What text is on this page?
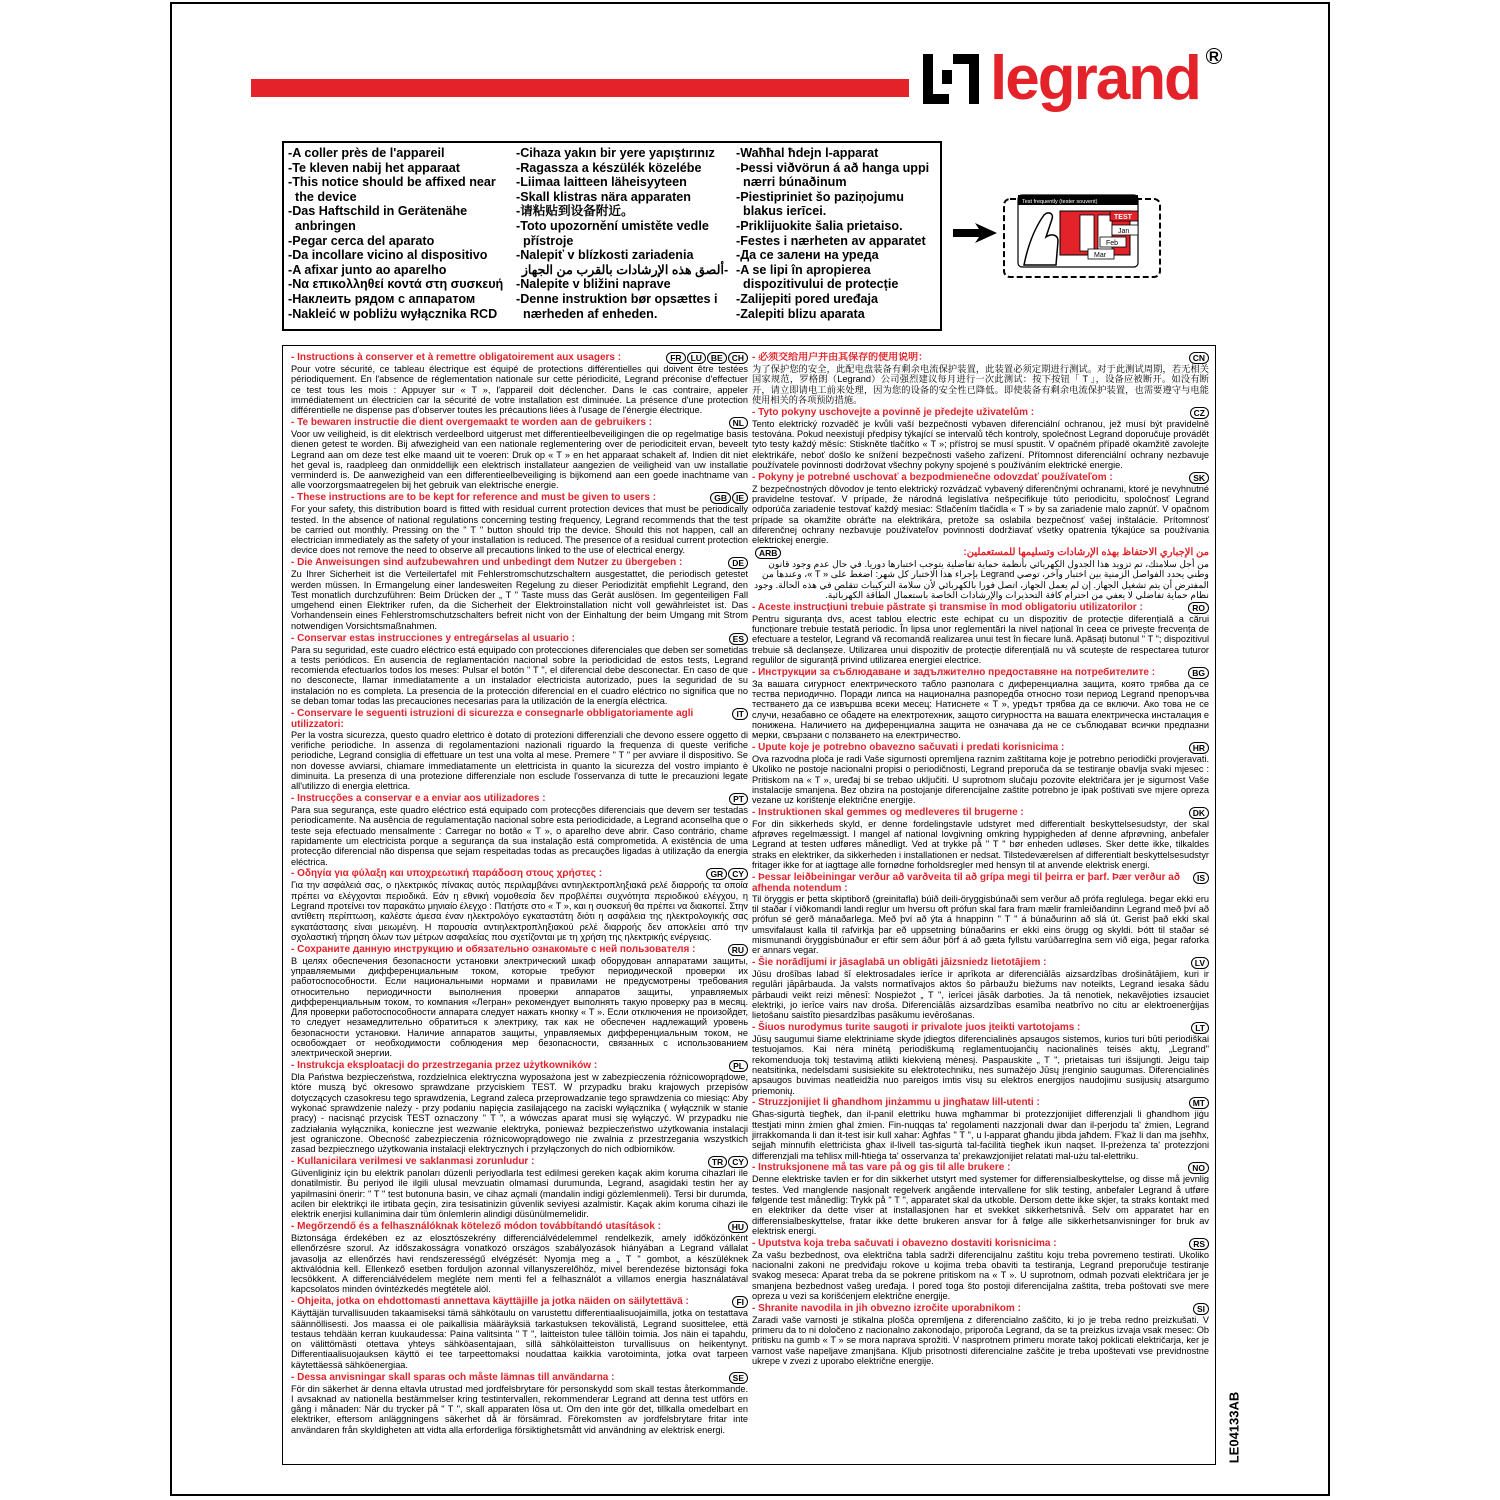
legrand R
-A coller près de l'appareil
-Te kleven nabij het apparaat
-This notice should be affixed near
the device
-Das Haftschild in Gerätenähe
anbringen
-Pegar cerca del aparato
-Da incollare vicino al dispositivo
-A afixar junto ao aparelho
-Να επικολληθεί κοντά στη συσκευή
-Наклеить рядом с аппаратом
-Nakleić w pobliżu wyłącznika RCD
-Cihaza yakın bir yere yapıştırınız
-Ragassza a készülék közelébe
-Liimaa laitteen läheisyyteen
-Skall klistras nära apparaten
-请粘贴到设备附近。
-Toto upozornění umistěte vedle
přístroje
-Nalepiť v blízkosti zariadenia
-ألصق هذه الإرشادات بالقرب من الجهاز
-Nalepite v bližini naprave
-Denne instruktion bør opsættes i
nærheden af enheden.
-Waħħal ħdejn l-apparat
-Þessi viðvörun á að hanga uppi
nærri búnaðinum
-Piestipriniet šo paziņojumu
blakus ierīcei.
-Priklijuokite šalia prietaiso.
-Festes i nærheten av apparatet
-Да се залени на уреда
-A se lipi în apropierea
dispozitivului de protecție
-Zalijepiti pored uređaja
-Zalepiti blizu aparata
Test frequently (tester souvent)
TEST
Jan
Feb
Mar
- Instructions à conserver et à remettre obligatoirement aux usagers :	FR	LU	BE	CH
Pour votre sécurité, ce tableau électrique est équipé de protections différentielles qui doivent être testées périodiquement. En l'absence de réglementation nationale sur cette périodicité, Legrand préconise d'effectuer ce test tous les mois : Appuyer sur « T », l'appareil doit déclencher. Dans le cas contraire, appeler immédiatement un électricien car la sécurité de votre installation est diminuée. La présence d'une protection différentielle ne dispense pas d'observer toutes les précautions liées à l'usage de l'énergie électrique.
- Te bewaren instructie die dient overgemaakt te worden aan de gebruikers :	NL
Voor uw veiligheid, is dit elektrisch verdeelbord uitgerust met differentieelbeveiligingen die op regelmatige basis dienen getest te worden. Bij afwezigheid van een nationale reglementering over de periodiciteit ervan, beveelt Legrand aan om deze test elke maand uit te voeren: Druk op « T » en het apparaat schakelt af. Indien dit niet het geval is, raadpleeg dan onmiddellijk een elektrisch installateur aangezien de veiligheid van uw installatie verminderd is. De aanwezigheid van een differentieelbeveiliging is bijkomend aan een goede inachtname van alle voorzorgsmaatregelen bij het gebruik van elektrische energie.
- These instructions are to be kept for reference and must be given to users :	GB	IE
For your safety, this distribution board is fitted with residual current protection devices that must be periodically tested. In the absence of national regulations concerning testing frequency, Legrand recommends that the test be carried out monthly. Pressing on the " T " button should trip the device. Should this not happen, call an electrician immediately as the safety of your installation is reduced. The presence of a residual current protection device does not remove the need to observe all precautions linked to the use of electrical energy.
- Die Anweisungen sind aufzubewahren und unbedingt dem Nutzer zu übergeben :	DE
Zu Ihrer Sicherheit ist die Verteilertafel mit Fehlerstromschutzschaltern ausgestattet, die periodisch getestet werden müssen. In Ermangelung einer landesweiten Regelung zu dieser Periodizität empfiehlt Legrand, den Test monatlich durchzuführen: Beim Drücken der „ T " Taste muss das Gerät auslösen. Im gegenteiligen Fall umgehend einen Elektriker rufen, da die Sicherheit der Elektroinstallation nicht voll gewährleistet ist. Das Vorhandensein eines Fehlerstromschutzschalters befreit nicht von der Einhaltung der beim Umgang mit Strom notwendigen Vorsichtsmaßnahmen.
- Conservar estas instrucciones y entregárselas al usuario :	ES
Para su seguridad, este cuadro eléctrico está equipado con protecciones diferenciales que deben ser sometidas a tests periódicos. En ausencia de reglamentación nacional sobre la periodicidad de estos tests, Legrand recomienda efectuarlos todos los meses: Pulsar el botón " T ", el diferencial debe desconectar. En caso de que no desconecte, llamar inmediatamente a un instalador electricista autorizado, pues la seguridad de su instalación no es completa. La presencia de la protección diferencial en el cuadro eléctrico no significa que no se deban tomar todas las precauciones necesarias para la utilización de la energía eléctrica.
- Conservare le seguenti istruzioni di sicurezza e consegnarle obbligatoriamente agli utilizzatori:
IT
Per la vostra sicurezza, questo quadro elettrico è dotato di protezioni differenziali che devono essere oggetto di verifiche periodiche. In assenza di regolamentazioni nazionali riguardo la frequenza di queste verifiche periodiche, Legrand consiglia di effettuare un test una volta al mese. Premere " T " per avviare il dispositivo. Se non dovesse avviarsi, chiamare immediatamente un elettricista in quanto la sicurezza del vostro impianto è diminuita. La presenza di una protezione differenziale non esclude l'osservanza di tutte le precauzioni legate all'utilizzo di energia elettrica.
- Instrucções a conservar e a enviar aos utilizadores :	PT
Para sua segurança, este quadro eléctrico está equipado com protecções diferenciais que devem ser testadas periodicamente. Na ausência de regulamentação nacional sobre esta periodicidade, a Legrand aconselha que o teste seja efectuado mensalmente : Carregar no botão « T », o aparelho deve abrir. Caso contrário, chame rapidamente um electricista porque a segurança da sua instalação está comprometida. A existência de uma protecção diferencial não dispensa que sejam respeitadas todas as precauções ligadas à utilização da energia eléctrica.
- Οδηγία για φύλαξη και υποχρεωτική παράδοση στους χρήστες :	GR	CY
Για την ασφάλειά σας, ο ηλεκτρικός πίνακας αυτός περιλαμβάνει αντιηλεκτροπληξιακά ρελέ διαρροής τα οποία πρέπει να ελέγχονται περιοδικά. Εάν η εθνική νομοθεσία δεν προβλέπει συχνότητα περιοδικού ελέγχου, η Legrand προτείνει τον παρακάτω μηνιαίο έλεγχο : Πατήστε στο « T », και η συσκευή θα πρέπει να διακοπεί. Στην αντίθετη περίπτωση, καλέστε άμεσα έναν ηλεκτρολόγο εγκαταστάτη διότι η ασφάλεια της ηλεκτρολογικής σας εγκατάστασης είναι μειωμένη. Η παρουσία αντιηλεκτροπληξιακού ρελέ διαρροής δεν αποκλείει από την σχολαστική τήρηση όλων των μέτρων ασφαλείας που σχετίζονται με τη χρήση της ηλεκτρικής ενέργειας.
- Сохраните данную инструкцию и обязательно ознакомьте с ней пользователя :	RU
В целях обеспечения безопасности установки электрический шкаф оборудован аппаратами защиты, управляемыми дифференциальным током, которые требуют периодической проверки их работоспособности. Если национальными нормами и правилами не предусмотрены требования относительно периодичности выполнения проверки аппаратов защиты, управляемых дифференциальным током, то компания «Легран» рекомендует выполнять такую проверку раз в месяц. Для проверки работоспособности аппарата следует нажать кнопку « T ». Если отключения не произойдет, то следует незамедлительно обратиться к электрику, так как не обеспечен надлежащий уровень безопасности установки. Наличие аппаратов защиты, управляемых дифференциальным током, не освобождает от необходимости соблюдения мер безопасности, связанных с использованием электрической энергии.
- Instrukcja eksploatacji do przestrzegania przez użytkowników :	PL
Dla Państwa bezpieczeństwa, rozdzielnica elektryczna wyposażona jest w zabezpieczenia różnicowoprądowe, które muszą być okresowo sprawdzane przyciskiem TEST. W przypadku braku krajowych przepisów dotyczących czasokresu tego sprawdzenia, Legrand zaleca przeprowadzanie tego sprawdzenia co miesiąc: Aby wykonać sprawdzenie należy - przy podaniu napięcia zasilającego na zaciski wyłącznika ( wyłącznik w stanie pracy) - nacisnąć przycisk TEST oznaczony " T ", a wówczas aparat musi się wyłączyć. W przypadku nie zadziałania wyłącznika, konieczne jest wezwanie elektryka, ponieważ bezpieczeństwo użytkowania instalacji jest ograniczone. Obecność zabezpieczenia różnicowoprądowego nie zwalnia z przestrzegania wszystkich zasad bezpiecznego użytkowania instalacji elektrycznych i przyłączonych do nich odbiorników.
- Kullanicilara verilmesi ve saklanmasi zorunludur :	TR	CY
Güvenliginiz için bu elektrik panoları düzenli periyodlarla test edilmesi gereken kaçak akim koruma cihazlari ile donatilmistir. Bu periyod ile ilgili ulusal mevzuatin olmamasi durumunda, Legrand, asagidaki testin her ay yapilmasini önerir: " T " test butonuna basin, ve cihaz açmali (mandalin indigi gözlemlenmeli). Tersi bir durumda, acilen bir elektrikçi ile irtibata geçin, zira tesisatinizin güvenlik seviyesi azalmistir. Kaçak akim koruma cihazi ile elektrik enerjisi kullanimina dair tüm önlemlerin alindigi düsünülmemelidir.
- Megőrzendő és a felhasználóknak kötelező módon továbbítandó utasítások :	HU
Biztonsága érdekében ez az elosztószekrény differenciálvédelemmel rendelkezik, amely időközönként ellenőrzésre szorul. Az időszakosságra vonatkozó országos szabályozások hiányában a Legrand vállalat javasolja az ellenőrzés havi rendszerességű elvégzését: Nyomja meg a „ T " gombot, a készüléknek aktiválódnia kell. Ellenkező esetben forduljon azonnal villanyszerelőhöz, mivel berendezése biztonsági foka lecsökkent. A differenciálvédelem megléte nem menti fel a felhasználót a villamos energia használatával kapcsolatos minden óvintézkedés megtétele alól.
- Ohjeita, jotka on ehdottomasti annettava käyttäjille ja jotka näiden on säilytettävä :	FI
Käyttäjän turvallisuuden takaamiseksi tämä sähkötaulu on varustettu differentiaalisuojaimilla, jotka on testattava säännöllisesti. Jos maassa ei ole paikallisia määräyksiä tarkastuksen tekovälistä, Legrand suosittelee, että testaus tehdään kerran kuukaudessa: Paina valitsinta " T ", laitteiston tulee tällöin toimia. Jos näin ei tapahdu, on välittömästi otettava yhteys sähköasentajaan, sillä sähkölaitteiston turvallisuus on heikentynyt. Differentiaalisuojauksen käyttö ei tee tarpeettomaksi noudattaa kaikkia varotoiminta, jotka ovat tarpeen käytettäessä sähköenergiaa.
- Dessa anvisningar skall sparas och måste lämnas till användarna :	SE
För din säkerhet är denna eltavla utrustad med jordfelsbrytare för personskydd som skall testas återkommande. I avsaknad av nationella bestämmelser kring testintervallen, rekommenderar Legrand att denna test utförs en gång i månaden: När du trycker på " T ", skall apparaten lösa ut. Om den inte gör det, tillkalla omedelbart en elektriker, eftersom anläggningens säkerhet då är försämrad. Förekomsten av jordfelsbrytare fritar inte användaren från skyldigheten att vidta alla erforderliga försiktighetsmått vid användning av elektrisk energi.
- 必须交给用户并由其保存的使用说明：	CN
为了保护您的安全，此配电盘装备有剩余电流保护装置，此装置必须定期进行测试。对于此测试周期，若无相关国家规范，罗格朗（Legrand）公司强烈建议每月进行一次此测试：按下按钮「 T 」，设备应被断开。如没有断开，请立即请电工前来处理，因为您的设备的安全性已降低。即使装备有剩余电流保护装置，也需要遵守与电能使用相关的各项预防措施。
- Tyto pokyny uschovejte a povinně je předejte uživatelům :	CZ
Tento elektrický rozvaděč je kvůli vaší bezpečnosti vybaven diferenciální ochranou, jež musí být pravidelně testována. Pokud neexistují předpisy týkající se intervalů těch kontroly, společnost Legrand doporučuje provádět tyto testy každý měsíc: Stiskněte tlačítko « T »; přístroj se musí spustit. V opačném případě okamžitě zavolejte elektrikáře, neboť došlo ke snížení bezpečnosti vašeho zařízení. Přítomnost diferenciální ochrany nezbavuje používatele povinnosti dodržovat všechny pokyny spojené s používáním elektrické energie.
- Pokyny je potrebné uschovať a bezpodmienečne odovzdať používateľom :	SK
Z bezpečnostných dôvodov je tento elektrický rozvádzač vybavený diferenčnými ochranami, ktoré je nevyhnutné pravidelne testovať. V prípade, že národná legislatíva nešpecifikuje túto periodicitu, spoločnosť Legrand odporúča zariadenie testovať každý mesiac: Stlačením tlačidla « T » by sa zariadenie malo zapnúť. V opačnom prípade sa okamžite obráťte na elektrikára, pretože sa oslabila bezpečnosť vašej inštalácie. Prítomnosť diferenčnej ochrany nezbavuje používateľov povinnosti dodržiavať všetky opatrenia týkajúce sa používania elektrickej energie.
ARB	من الإجباري الاحتفاظ بهذه الإرشادات وتسليمها للمستعملين:
من أجل سلامتك، تم تزويد هذا الجدول الكهربائي بأنظمة حماية تفاضلية يتوجب اختبارها دوريا. في حال عدم وجود قانون وطني يحدد الفواصل الزمنية بين اختبار وآخر، توصي Legrand بإجراء هذا الاختبار كل شهر: اضغط على « T »، وعندها من المفترض أن يتم تشغيل الجهاز. إن لم يعمل الجهاز، اتصل فورا بالكهربائي لأن سلامة التركيبات تتقلص في هذه الحالة. وجود نظام حماية تفاضلي لا يعفي من احترام كافة التحذيرات والإرشادات الخاصة باستعمال الطاقة الكهربائية.
- Aceste instrucțiuni trebuie păstrate și transmise în mod obligatoriu utilizatorilor :	RO
Pentru siguranța dvs, acest tablou electric este echipat cu un dispozitiv de protecție diferențială a cărui funcționare trebuie testată periodic. În lipsa unor reglementări la nivel național în ceea ce privește frecvența de efectuare a testelor, Legrand vă recomandă realizarea unui test în fiecare lună. Apăsați butonul " T "; dispozitivul trebuie să declanșeze. Utilizarea unui dispozitiv de protecție diferențială nu vă scutește de respectarea tuturor regulilor de siguranță privind utilizarea energiei electrice.
- Инструкции за съблюдаване и задължително предоставяне на потребителите :	BG
За вашата сигурност електрическото табло разполага с диференциална защита, която трябва да се тества периодично. Поради липса на национална разпоредба относно този период Legrand препоръчва тестването да се извършва всеки месец: Натиснете « T », уредът трябва да се включи. Ако това не се случи, незабавно се обадете на електротехник, защото сигурността на вашата електрическа инсталация е понижена. Наличието на диференциална защита не означава да не се съблюдават всички предпазни мерки, свързани с ползването на електричество.
- Upute koje je potrebno obavezno sačuvati i predati korisnicima :	HR
Ova razvodna ploča je radi Vaše sigurnosti opremljena raznim zaštitama koje je potrebno periodički provjeravati. Ukoliko ne postoje nacionalni propisi o periodičnosti, Legrand preporuča da se testiranje obavlja svaki mjesec : Pritiskom na « T », uređaj bi se trebao uključiti. U suprotnom slučaju pozovite električara jer je sigurnost Vaše instalacije smanjena. Bez obzira na postojanje diferencijalne zaštite potrebno je ipak poštivati sve mjere opreza vezane uz korištenje električne energije.
- Instruktionen skal gemmes og medleveres til brugerne :	DK
For din sikkerheds skyld, er denne fordelingstavle udstyret med differentialt beskyttelsesudstyr, der skal afprøves regelmæssigt. I mangel af national lovgivning omkring hyppigheden af denne afprøvning, anbefaler Legrand at testen udføres månedligt. Ved at trykke på " T " bør enheden udløses. Sker dette ikke, tilkaldes straks en elektriker, da sikkerheden i installationen er nedsat. Tilstedeværelsen af differentialt beskyttelsesudstyr fritager ikke for at iagttage alle fornødne forholdsregler med hensyn til at anvende elektrisk energi.
- Þessar leiðbeiningar verður að varðveita til að grípa megi til þeirra er þarf. Þær verður að afhenda notendum :
IS
Til öryggis er þetta skiptiborð (greinitafla) búið deili-öryggisbúnaði sem verður að prófa reglulega. Þegar ekki eru til staðar í viðkomandi landi reglur um hversu oft prófun skal fara fram mælir framleiðandinn Legrand með því að prófun sé gerð mánaðarlega. Með því að ýta á hnappinn " T " á búnaðurinn að slá út. Gerist það ekki skal umsvifalaust kalla til rafvirkja þar eð uppsetning búnaðarins er ekki eins örugg og skyldi. Þótt til staðar sé mismunandi öryggisbúnaður er eftir sem áður þörf á að gæta fyllstu varúðarreglna sem við eiga, þegar raforka er annars vegar.
- Šie norādījumi ir jāsaglabā un obligāti jāizsniedz lietotājiem :	LV
Jūsu drošības labad šī elektrosadales ierīce ir aprīkota ar diferenciālās aizsardzības drošinātājiem, kuri ir regulāri jāpārbauda. Ja valsts normatīvajos aktos šo pārbaužu biežums nav noteikts, Legrand iesaka šādu pārbaudi veikt reizi mēnesī: Nospiežot „ T ", ierīcei jāsāk darboties. Ja tā nenotiek, nekavējoties izsauciet elektriķi, jo ierīce vairs nav droša. Diferenciālās aizsardzības esamība neatbrīvo no citu ar elektroenerģijas lietošanu saistīto piesardzības pasākumu ievērošanas.
- Šiuos nurodymus turite saugoti ir privalote juos įteikti vartotojams :	LT
Jūsų saugumui šiame elektriniame skyde įdiegtos diferencialinės apsaugos sistemos, kurios turi būti periodiškai testuojamos. Kai nėra minėtą periodiškumą reglamentuojančių nacionalinės teisės aktų, „Legrand" rekomenduoja tokį testavimą atlikti kiekvieną mėnesį. Paspauskite „ T ", prietaisas turi išsijungti. Jeigu taip neatsitinka, nedelsdami susisiekite su elektrotechniku, nes sumažėjo Jūsų įrenginio saugumas. Diferencialinės apsaugos buvimas neatleidžia nuo pareigos imtis visų su elektros energijos naudojimu susijusių atsargumo priemonių.
- Struzzjonijiet li għandhom jinżammu u jingħataw lill-utenti :	MT
Għas-sigurtà tiegħek, dan il-panil elettriku huwa mgħammar bi protezzjonijiet differenzjali li għandhom jiġu ttestjati minn żmien għal żmien. Fin-nuqqas ta' regolamenti nazzjonali dwar dan il-perjodu ta' żmien, Legrand jirrakkomanda li dan it-test isir kull xahar: Agħfas " T ", u l-apparat għandu jibda jaħdem. F'każ li dan ma jseħħx, sejjaħ minnufih elettriċista għax il-livell tas-sigurtà tal-faċilità tiegħek ikun naqset. Il-preżenza ta' protezzjoni differenzjali ma teħlisx mill-ħtieġa ta' osservanza ta' prekawzjonijiet relatati mal-użu tal-elettriku.
- Instruksjonene må tas vare på og gis til alle brukere :	NO
Denne elektriske tavlen er for din sikkerhet utstyrt med systemer for differensialbeskyttelse, og disse må jevnlig testes. Ved manglende nasjonalt regelverk angående intervallene for slik testing, anbefaler Legrand å utføre følgende test månedlig: Trykk på " T ", apparatet skal da utkoble. Dersom dette ikke skjer, ta straks kontakt med en elektriker da dette viser at installasjonen har et svekket sikkerhetsnivå. Selv om apparatet har en differensialbeskyttelse, fratar ikke dette brukeren ansvar for å følge alle sikkerhetsanvisninger for bruk av elektrisk energi.
- Uputstva koja treba sačuvati i obavezno dostaviti korisnicima :	RS
Za vašu bezbednost, ova električna tabla sadrži diferencijalnu zaštitu koju treba povremeno testirati. Ukoliko nacionalni zakoni ne predviđaju rokove u kojima treba obaviti ta testiranja, Legrand preporučuje testiranje svakog meseca: Aparat treba da se pokrene pritiskom na « T ». U suprotnom, odmah pozvati električara jer je smanjena bezbednost vašeg uređaja. I pored toga što postoji diferencijalna zaštita, treba poštovati sve mere opreza u vezi sa korišćenjem električne energije.
- Shranite navodila in jih obvezno izročite uporabnikom :	SI
Zaradi vaše varnosti je stikalna plošča opremljena z diferencialno zaščito, ki jo je treba redno preizkušati. V primeru da to ni določeno z nacionalno zakonodajo, priporoča Legrand, da se ta preizkus izvaja vsak mesec: Ob pritisku na gumb « T » se mora naprava sprožiti. V nasprotnem primeru morate takoj poklicati električarja, ker je varnost vaše napeljave zmanjšana. Kljub prisotnosti diferencialne zaščite je treba upoštevati vse previdnostne ukrepe v zvezi z uporabo električne energije.
LE04133AB
